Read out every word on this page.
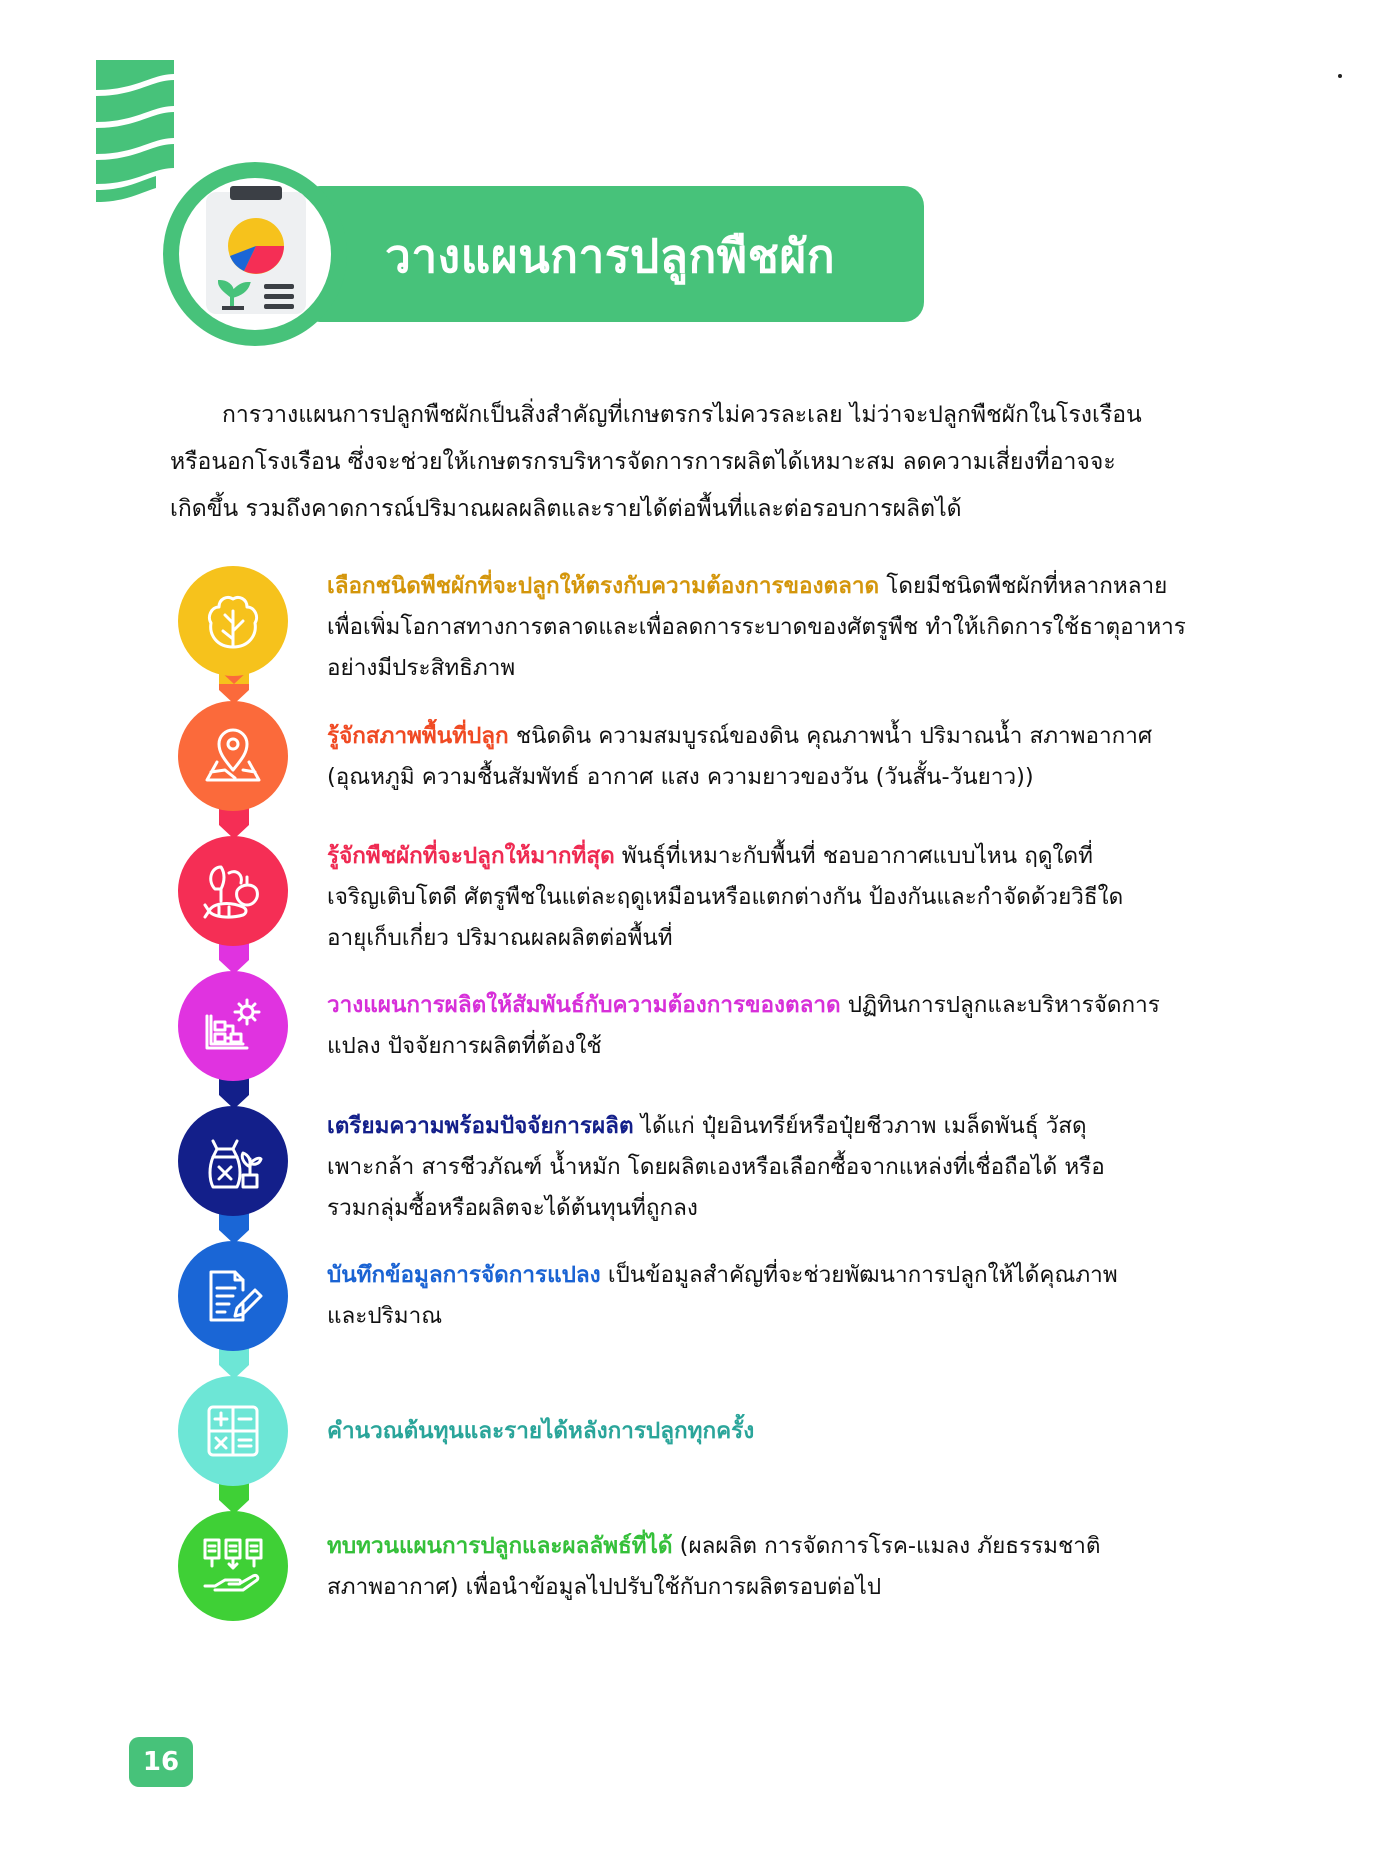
วางแผนการปลูกพืชผัก
การวางแผนการปลูกพืชผักเป็นสิ่งสำคัญที่เกษตรกรไม่ควรละเลย ไม่ว่าจะปลูกพืชผักในโรงเรือน
หรือนอกโรงเรือน ซึ่งจะช่วยให้เกษตรกรบริหารจัดการการผลิตได้เหมาะสม ลดความเสี่ยงที่อาจจะ
เกิดขึ้น รวมถึงคาดการณ์ปริมาณผลผลิตและรายได้ต่อพื้นที่และต่อรอบการผลิตได้
เลือกชนิดพืชผักที่จะปลูกให้ตรงกับความต้องการของตลาด โดยมีชนิดพืชผักที่หลากหลาย
เพื่อเพิ่มโอกาสทางการตลาดและเพื่อลดการระบาดของศัตรูพืช ทำให้เกิดการใช้ธาตุอาหาร
อย่างมีประสิทธิภาพ
รู้จักสภาพพื้นที่ปลูก ชนิดดิน ความสมบูรณ์ของดิน คุณภาพน้ำ ปริมาณน้ำ สภาพอากาศ
(อุณหภูมิ ความชื้นสัมพัทธ์ อากาศ แสง ความยาวของวัน (วันสั้น-วันยาว))
รู้จักพืชผักที่จะปลูกให้มากที่สุด พันธุ์ที่เหมาะกับพื้นที่ ชอบอากาศแบบไหน ฤดูใดที่
เจริญเติบโตดี ศัตรูพืชในแต่ละฤดูเหมือนหรือแตกต่างกัน ป้องกันและกำจัดด้วยวิธีใด
อายุเก็บเกี่ยว ปริมาณผลผลิตต่อพื้นที่
วางแผนการผลิตให้สัมพันธ์กับความต้องการของตลาด ปฏิทินการปลูกและบริหารจัดการ
แปลง ปัจจัยการผลิตที่ต้องใช้
เตรียมความพร้อมปัจจัยการผลิต ได้แก่ ปุ๋ยอินทรีย์หรือปุ๋ยชีวภาพ เมล็ดพันธุ์ วัสดุ
เพาะกล้า สารชีวภัณฑ์ น้ำหมัก โดยผลิตเองหรือเลือกซื้อจากแหล่งที่เชื่อถือได้ หรือ
รวมกลุ่มซื้อหรือผลิตจะได้ต้นทุนที่ถูกลง
บันทึกข้อมูลการจัดการแปลง เป็นข้อมูลสำคัญที่จะช่วยพัฒนาการปลูกให้ได้คุณภาพ
และปริมาณ
คำนวณต้นทุนและรายได้หลังการปลูกทุกครั้ง
ทบทวนแผนการปลูกและผลลัพธ์ที่ได้ (ผลผลิต การจัดการโรค-แมลง ภัยธรรมชาติ
สภาพอากาศ) เพื่อนำข้อมูลไปปรับใช้กับการผลิตรอบต่อไป
16
